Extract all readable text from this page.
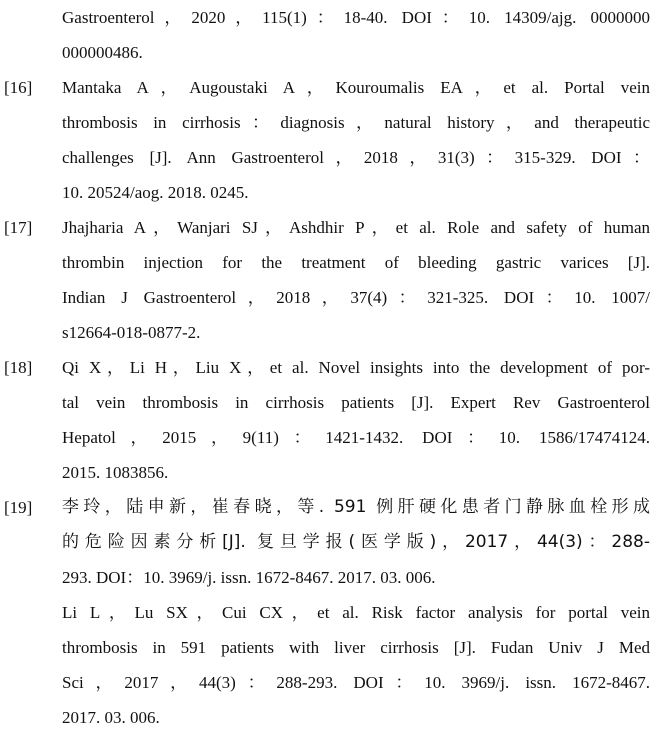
Gastroenterol，2020，115(1)：18-40. DOI：10. 14309/ajg. 0000000
000000486.
[16] Mantaka A，Augoustaki A，Kouroumalis EA，et al. Portal vein
thrombosis in cirrhosis：diagnosis，natural history，and therapeutic
challenges [J]. Ann Gastroenterol，2018，31(3)：315-329. DOI：
10. 20524/aog. 2018. 0245.
[17] Jhajharia A，Wanjari SJ，Ashdhir P，et al. Role and safety of human
thrombin injection for the treatment of bleeding gastric varices [J].
Indian J Gastroenterol，2018，37(4)：321-325. DOI：10. 1007/
s12664-018-0877-2.
[18] Qi X，Li H，Liu X，et al. Novel insights into the development of por-
tal vein thrombosis in cirrhosis patients [J]. Expert Rev Gastroenterol
Hepatol，2015，9(11)：1421-1432. DOI：10. 1586/17474124.
2015. 1083856.
[19] 李玲，陆申新，崔春晓，等. 591 例肝硬化患者门静脉血栓形成
的危险因素分析[J]. 复旦学报(医学版)，2017，44(3)：288-
293. DOI：10. 3969/j. issn. 1672-8467. 2017. 03. 006.
Li L，Lu SX，Cui CX，et al. Risk factor analysis for portal vein
thrombosis in 591 patients with liver cirrhosis [J]. Fudan Univ J Med
Sci，2017，44(3)：288-293. DOI：10. 3969/j. issn. 1672-8467.
2017. 03. 006.
